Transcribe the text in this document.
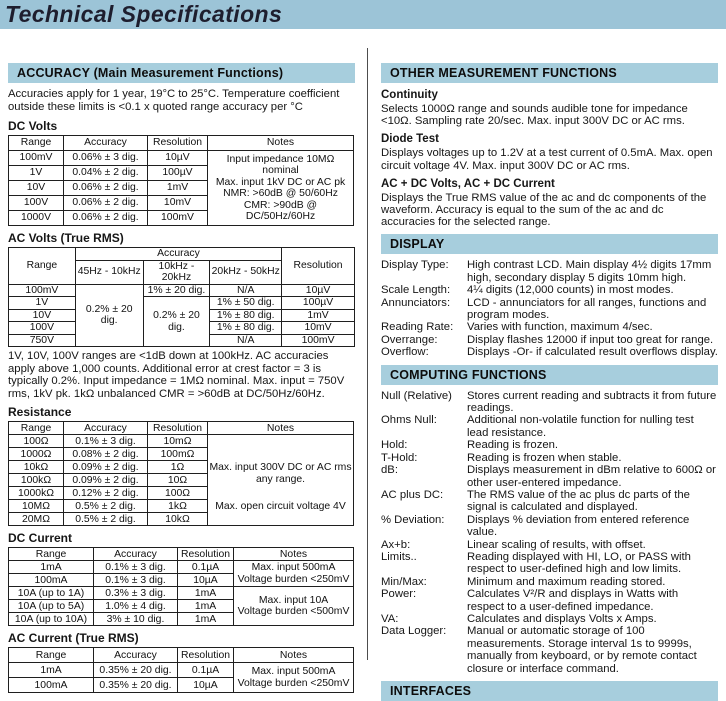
Technical Specifications
ACCURACY (Main Measurement Functions)
Accuracies apply for 1 year, 19°C to 25°C. Temperature coefficient outside these limits is <0.1 x quoted range accuracy per °C
DC Volts
Range	Accuracy	Resolution	Notes
100mV	0.06% ± 3 dig.	10µV	Input impedance 10MΩ nominal
Max. input 1kV DC or AC pk
NMR: >60dB @ 50/60Hz
CMR: >90dB @ DC/50Hz/60Hz

1V	0.04% ± 2 dig.	100µV	
10V	0.06% ± 2 dig.	1mV	
100V	0.06% ± 2 dig.	10mV	
1000V	0.06% ± 2 dig.	100mV	
AC Volts (True RMS)
Range	Accuracy			Resolution
	45Hz - 10kHz	10kHz - 20kHz	20kHz - 50kHz	
100mV	0.2% ± 20 dig.	1% ± 20 dig.	N/A	10µV
1V		0.2% ± 20 dig.	1% ± 50 dig.	100µV
10V			1% ± 80 dig.	1mV
100V			1% ± 80 dig.	10mV
750V			N/A	100mV
1V, 10V, 100V ranges are <1dB down at 100kHz. AC accuracies apply above 1,000 counts. Additional error at crest factor = 3 is typically 0.2%. Input impedance = 1MΩ nominal. Max. input = 750V rms, 1kV pk. 1kΩ unbalanced CMR = >60dB at DC/50Hz/60Hz.
Resistance
Range	Accuracy	Resolution	Notes
100Ω	0.1% ± 3 dig.	10mΩ	Max. input 300V DC or AC rms any range.
Max. open circuit voltage 4V

1000Ω	0.08% ± 2 dig.	100mΩ	
10kΩ	0.09% ± 2 dig.	1Ω	
100kΩ	0.09% ± 2 dig.	10Ω	
1000kΩ	0.12% ± 2 dig.	100Ω	
10MΩ	0.5% ± 2 dig.	1kΩ	
20MΩ	0.5% ± 2 dig.	10kΩ	
DC Current
Range	Accuracy	Resolution	Notes
1mA	0.1% ± 3 dig.	0.1µA	Max. input 500mA
Voltage burden <250mV

100mA	0.1% ± 3 dig.	10µA	
10A (up to 1A)	0.3% ± 3 dig.	1mA	Max. input 10A
Voltage burden <500mV

10A (up to 5A)	1.0% ± 4 dig.	1mA	
10A (up to 10A)	3% ± 10 dig.	1mA	
AC Current (True RMS)
Range	Accuracy	Resolution	Notes
1mA	0.35% ± 20 dig.	0.1µA	Max. input 500mA
Voltage burden <250mV

100mA	0.35% ± 20 dig.	10µA	
OTHER MEASUREMENT FUNCTIONS
Continuity
Selects 1000Ω range and sounds audible tone for impedance <10Ω. Sampling rate 20/sec. Max. input 300V DC or AC rms.
Diode Test
Displays voltages up to 1.2V at a test current of 0.5mA. Max. open circuit voltage 4V. Max. input 300V DC or AC rms.
AC + DC Volts, AC + DC Current
Displays the True RMS value of the ac and dc components of the waveform. Accuracy is equal to the sum of the ac and dc accuracies for the selected range.
DISPLAY
Display Type:	High contrast LCD. Main display 4½ digits 17mm high, secondary display 5 digits 10mm high.
Scale Length:	4¼ digits (12,000 counts) in most modes.
Annunciators:	LCD - annunciators for all ranges, functions and program modes.
Reading Rate:	Varies with function, maximum 4/sec.
Overrange:	Display flashes 12000 if input too great for range.
Overflow:	Displays -Or- if calculated result overflows display.
COMPUTING FUNCTIONS
Null (Relative)	Stores current reading and subtracts it from future readings.
Ohms Null:	Additional non-volatile function for nulling test lead resistance.
Hold:	Reading is frozen.
T-Hold:	Reading is frozen when stable.
dB:	Displays measurement in dBm relative to 600Ω or other user-entered impedance.
AC plus DC:	The RMS value of the ac plus dc parts of the signal is calculated and displayed.
% Deviation:	Displays % deviation from entered reference value.
Ax+b:	Linear scaling of results, with offset.
Limits..	Reading displayed with HI, LO, or PASS with respect to user-defined high and low limits.
Min/Max:	Minimum and maximum reading stored.
Power:	Calculates V²/R and displays in Watts with respect to a user-defined impedance.
VA:	Calculates and displays Volts x Amps.
Data Logger:	Manual or automatic storage of 100 measurements. Storage interval 1s to 9999s, manually from keyboard, or by remote contact closure or interface command.
INTERFACES
